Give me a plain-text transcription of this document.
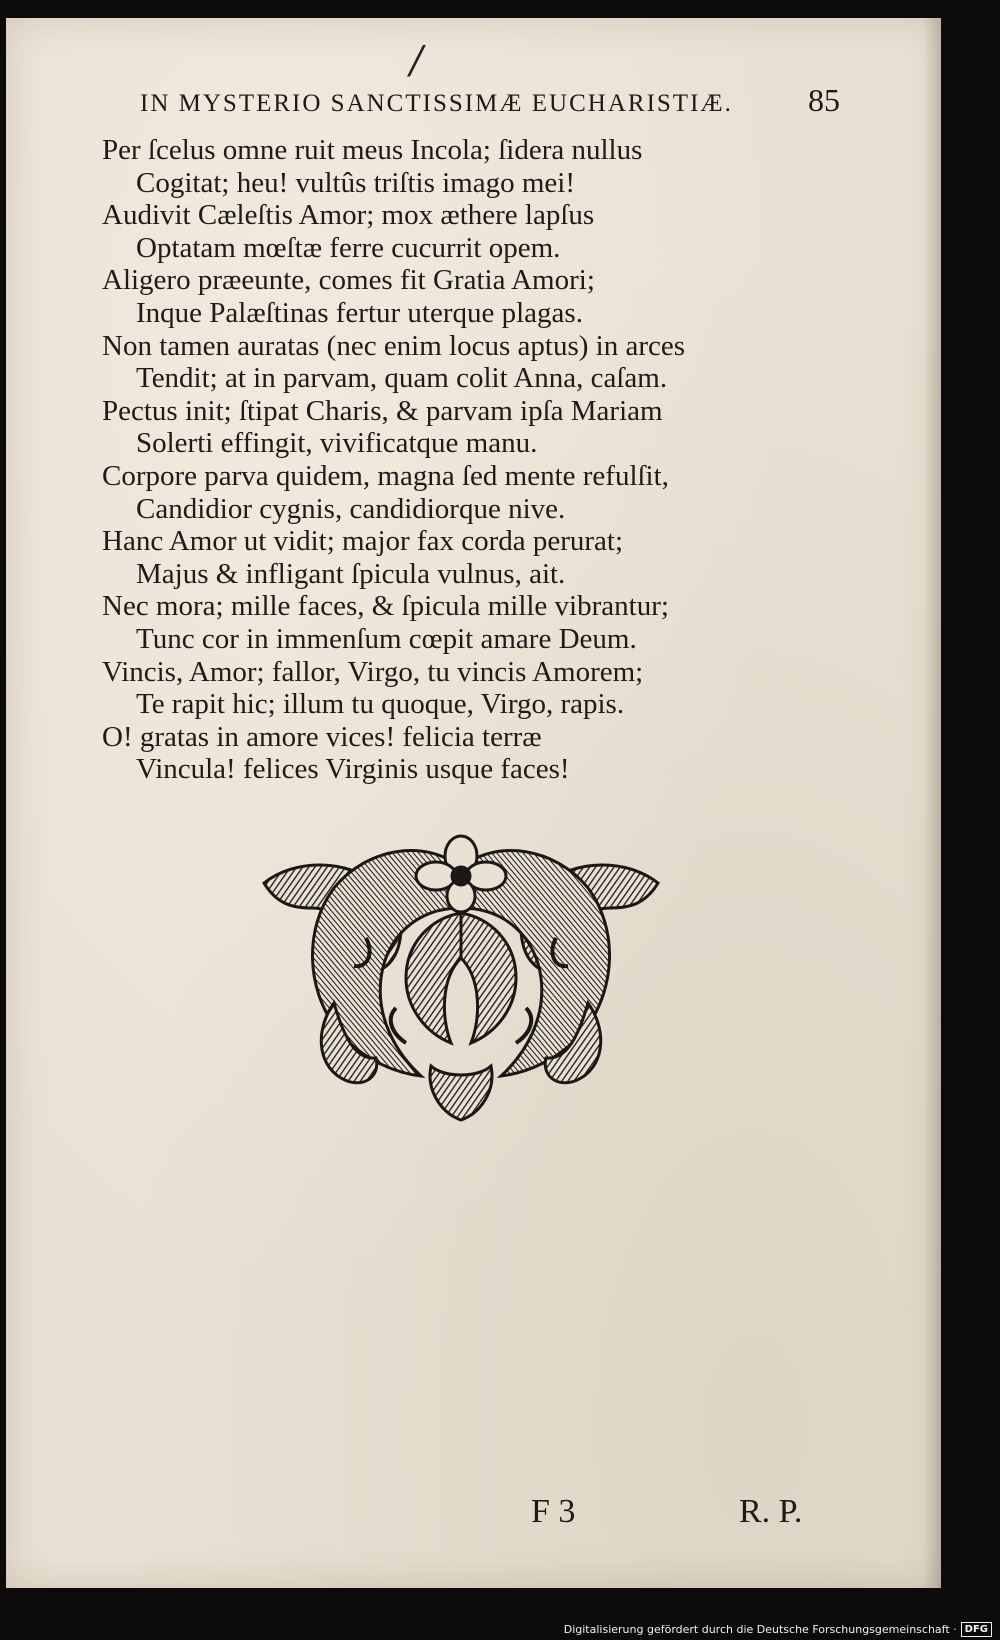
/
IN MYSTERIO SANCTISSIMÆ EUCHARISTIÆ. 85
Per ſcelus omne ruit meus Incola; ſidera nullus
Cogitat; heu! vultûs triſtis imago mei!
Audivit Cæleſtis Amor; mox æthere lapſus
Optatam mœſtæ ferre cucurrit opem.
Aligero præeunte, comes fit Gratia Amori;
Inque Palæſtinas fertur uterque plagas.
Non tamen auratas (nec enim locus aptus) in arces
Tendit; at in parvam, quam colit Anna, caſam.
Pectus init; ſtipat Charis, & parvam ipſa Mariam
Solerti effingit, vivificatque manu.
Corpore parva quidem, magna ſed mente refulſit,
Candidior cygnis, candidiorque nive.
Hanc Amor ut vidit; major fax corda perurat;
Majus & infligant ſpicula vulnus, ait.
Nec mora; mille faces, & ſpicula mille vibrantur;
Tunc cor in immenſum cœpit amare Deum.
Vincis, Amor; fallor, Virgo, tu vincis Amorem;
Te rapit hic; illum tu quoque, Virgo, rapis.
O! gratas in amore vices! felicia terræ
Vincula! felices Virginis usque faces!
F 3	R. P.
Digitalisierung gefördert durch die Deutsche Forschungsgemeinschaft · DFG
